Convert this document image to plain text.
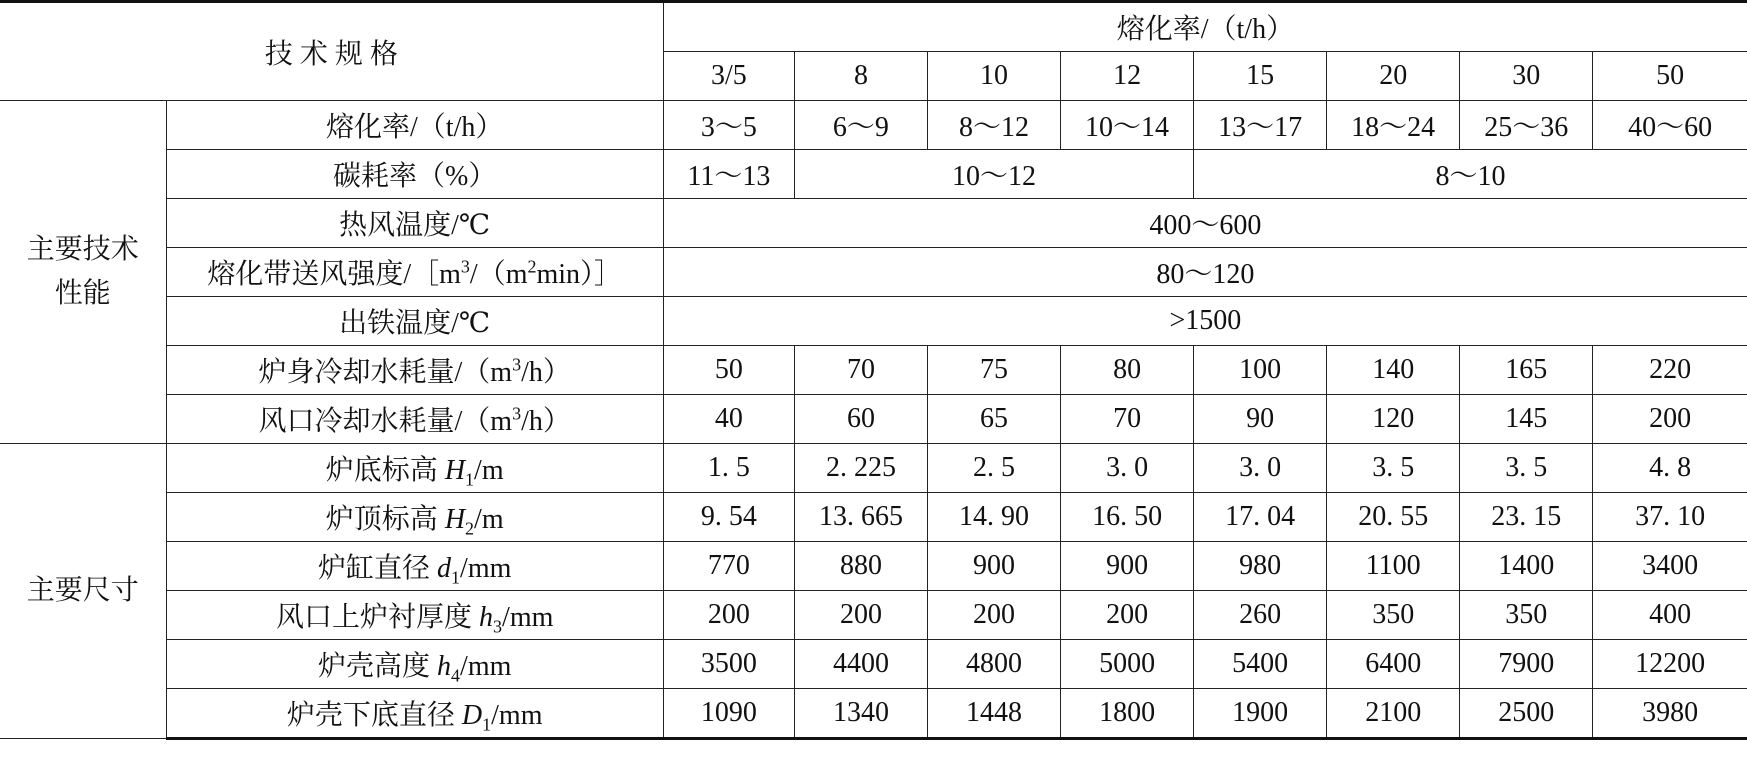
技 术 规 格		熔化率/（t/h）							
		3/5	8	10	12	15	20	30	50
主要技术性能	熔化率/（t/h）	3～5	6～9	8～12	10～14	13～17	18～24	25～36	40～60
	碳耗率（%）	11～13	10～12			8～10			
	热风温度/℃	400～600							
	熔化带送风强度$/[m^3/(m^2\min)]$	80～120							
	出铁温度/℃	>1500							
	炉身冷却水耗量$/(m^3/h)$	50	70	75	80	100	140	165	220
	风口冷却水耗量$/(m^3/h)$	40	60	65	70	90	120	145	200
主要尺寸	炉底标高 $H_1/m$	1. 5	2. 225	2. 5	3. 0	3. 0	3. 5	3. 5	4. 8
	炉顶标高 $H_2/m$	9. 54	13. 665	14. 90	16. 50	17. 04	20. 55	23. 15	37. 10
	炉缸直径 $d_1/mm$	770	880	900	900	980	1100	1400	3400
	风口上炉衬厚度 $h_3/mm$	200	200	200	200	260	350	350	400
	炉壳高度 $h_4/mm$	3500	4400	4800	5000	5400	6400	7900	12200
	炉壳下底直径 $D_1/mm$	1090	1340	1448	1800	1900	2100	2500	3980
